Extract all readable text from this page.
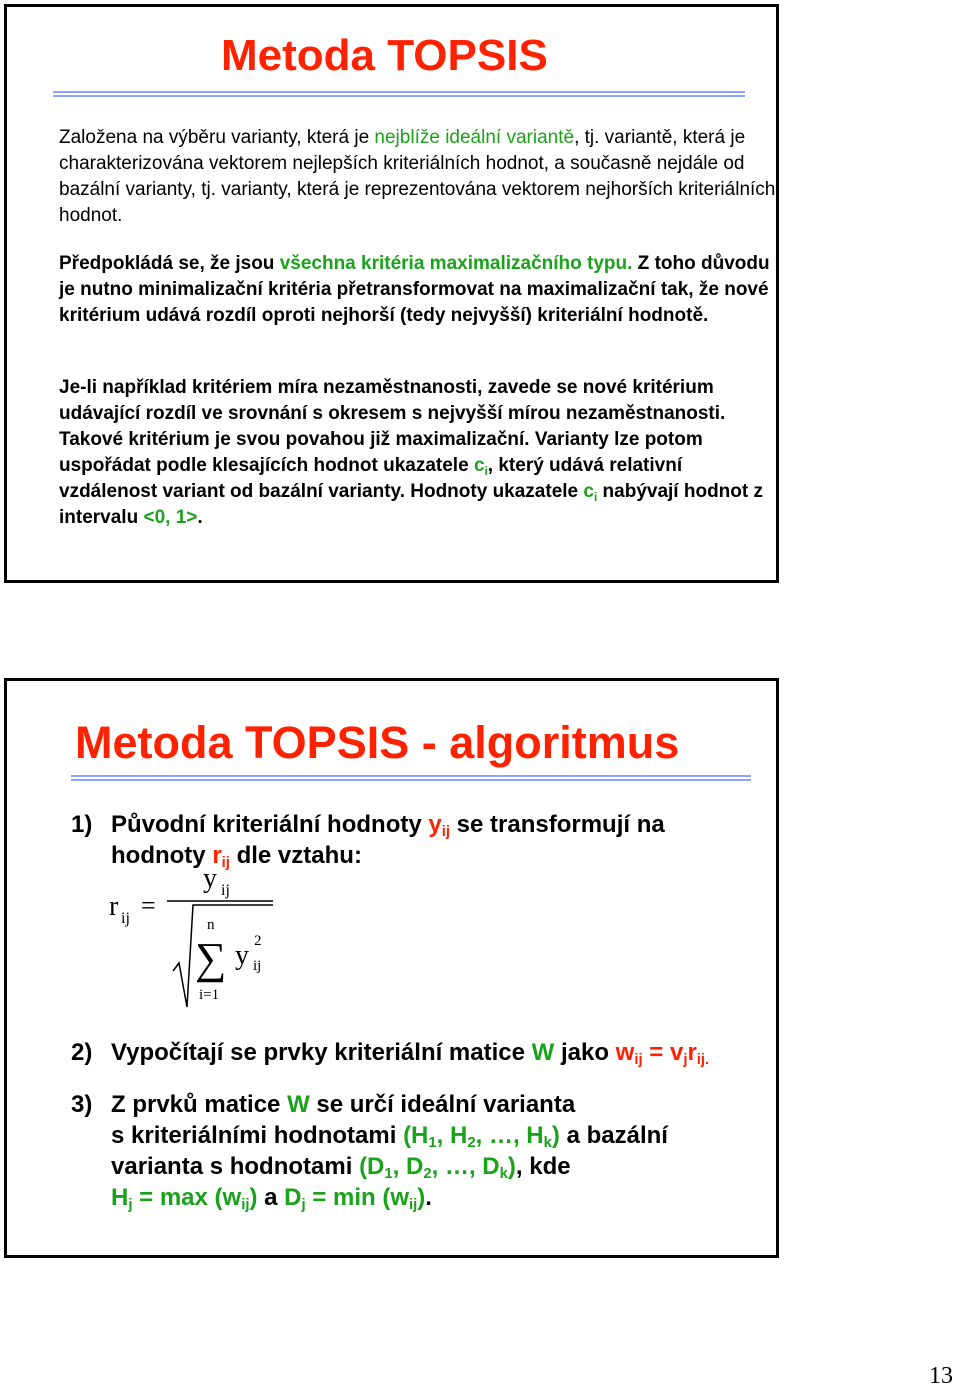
Metoda TOPSIS
Založena na výběru varianty, která je nejblíže ideální variantě, tj. variantě, která je charakterizována vektorem nejlepších kriteriálních hodnot, a současně nejdále od bazální varianty, tj. varianty, která je reprezentována vektorem nejhorších kriteriálních hodnot.
Předpokládá se, že jsou všechna kritéria maximalizačního typu. Z toho důvodu je nutno minimalizační kritéria přetransformovat na maximalizační tak, že nové kritérium udává rozdíl oproti nejhorší (tedy nejvyšší) kriteriální hodnotě.
Je-li například kritériem míra nezaměstnanosti, zavede se nové kritérium udávající rozdíl ve srovnání s okresem s nejvyšší mírou nezaměstnanosti. Takové kritérium je svou povahou již maximalizační. Varianty lze potom uspořádat podle klesajících hodnot ukazatele $c_i$, který udává relativní vzdálenost variant od bazální varianty. Hodnoty ukazatele $c_i$ nabývají hodnot z intervalu <0, 1>.
Metoda TOPSIS - algoritmus
1) Původní kriteriální hodnoty $y_{ij}$ se transformují na
hodnoty $r_{ij}$ dle vztahu:
r ij =
y ij
n
∑
i=1
y 2
ij
2) Vypočítají se prvky kriteriální matice W jako $w_{ij} = v_jr_{ij.}$
3) Z prvků matice W se určí ideální varianta
s kriteriálními hodnotami ($H_1$, $H_2$, …, $H_k$) a bazální
varianta s hodnotami ($D_1$, $D_2$, …, $D_k$), kde
$H_j = \max (w_{ij})$ a $D_j = \min (w_{ij})$.
13
